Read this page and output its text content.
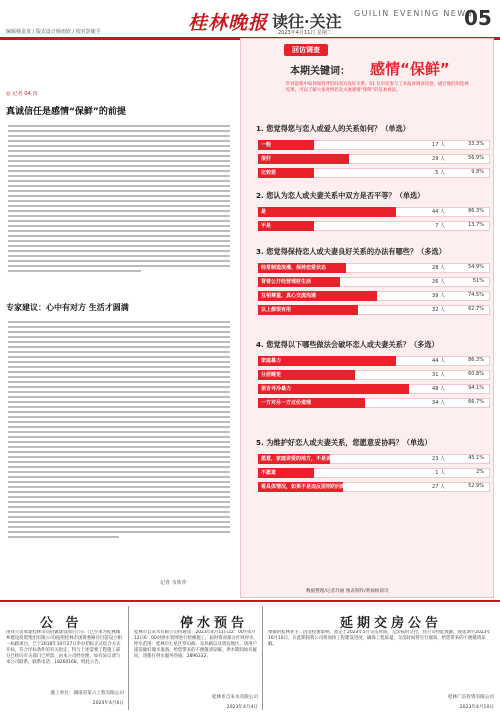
编辑杨金龙 / 版式设计杨雨欣 / 校对彭婕平	桂林晚报 读往·关注 GUILIN EVENING NEWS
05
2023年4月11日 星期二
◎ 记者 04 田
真诚信任是感情“保鲜”的前提
专家建议：心中有对方 生活才圆满
记者 韦欣冲
回访调查
本期关键词： 感情“保鲜”
针对最新中如何保持伴侣间双方良好关系，51 位市民参与了本报对调查问卷，通过他们的选择结果，可以了解大家对情侣及夫妻感情“保鲜”的基本看法。
1. 您觉得您与恋人或爱人的关系如何？（单选）
一般	17 人	33.3%
很好	29 人	56.9%
比较差	5 人	9.8%
2. 您认为恋人或夫妻关系中双方是否平等？（单选）
是	44 人	86.3%
不是	7 人	13.7%
3. 您觉得保持恋人或夫妻良好关系的办法有哪些？（多选）
经常制造浪漫、保持恋爱状态	28 人	54.9%
背着公开经营理财生活	26 人	51%
互相尊重、真心交流沟通	39 人	74.5%
以上都很有用	32 人	62.7%
4. 您觉得以下哪些做法会破坏恋人或夫妻关系？（多选）
家庭暴力	44 人	86.3%
分居睡觉	31 人	60.8%
语言寻冷暴力	48 人	94.1%
一方对另一方过份道理	34 人	66.7%
5. 为维护好恋人或夫妻关系，您愿意妥协吗？（单选）
愿意，家庭讲爱的地方，不是讲道理的地方	23 人	45.1%
不愿意	1 人	2%
看具体情况，如果不是违反原则的问题，可以妥协	27 人	52.9%
数据整理/记者苏丽 图表制作/黄福杨晨诗
公 告
由我公司承建桂林市向府镇建设项目公示（已至本为桂林城乡建设投资集团有限公司)按照桂林市国资委路径目前设立相一标路项目，已于2018年10月27日举办招标正式综合方式开标，符合评标条件的有关指定，特与上述需要工程施工部分已经向有关部门已所需，由本公司经处理，如有异议请与本公司联系，联系电话：18260168，特此公告。
施工单位：湖南省第六工程有限公司
2023年4月6日
停水预告
桂林市自来水有限公司特通知：2023年4月11日22：00至4月12日6：00对供水管网进行检修施工，届时将对部分区域停水，停水范围：桂林市七星区穿山路、东环路以及周边地区。请用户提前做好储水准备，给您带来的不便敬请谅解。停水期间如有疑问，请拨打供水服务热线：2896332。
桂林市自来水有限公司
2023年4月4日
延期交房公告
尊敬的桂林业主：因受疫情影响，原定于2023年5月交房时间，无法按时交付，我公司特此致歉，现延期至2023年10月10日。在此期间我公司将加快工程建设进度，确保工程质量，交房时间将另行通知，给您带来的不便敬请谅解。
桂林广信投资有限公司
2023年4月10日
